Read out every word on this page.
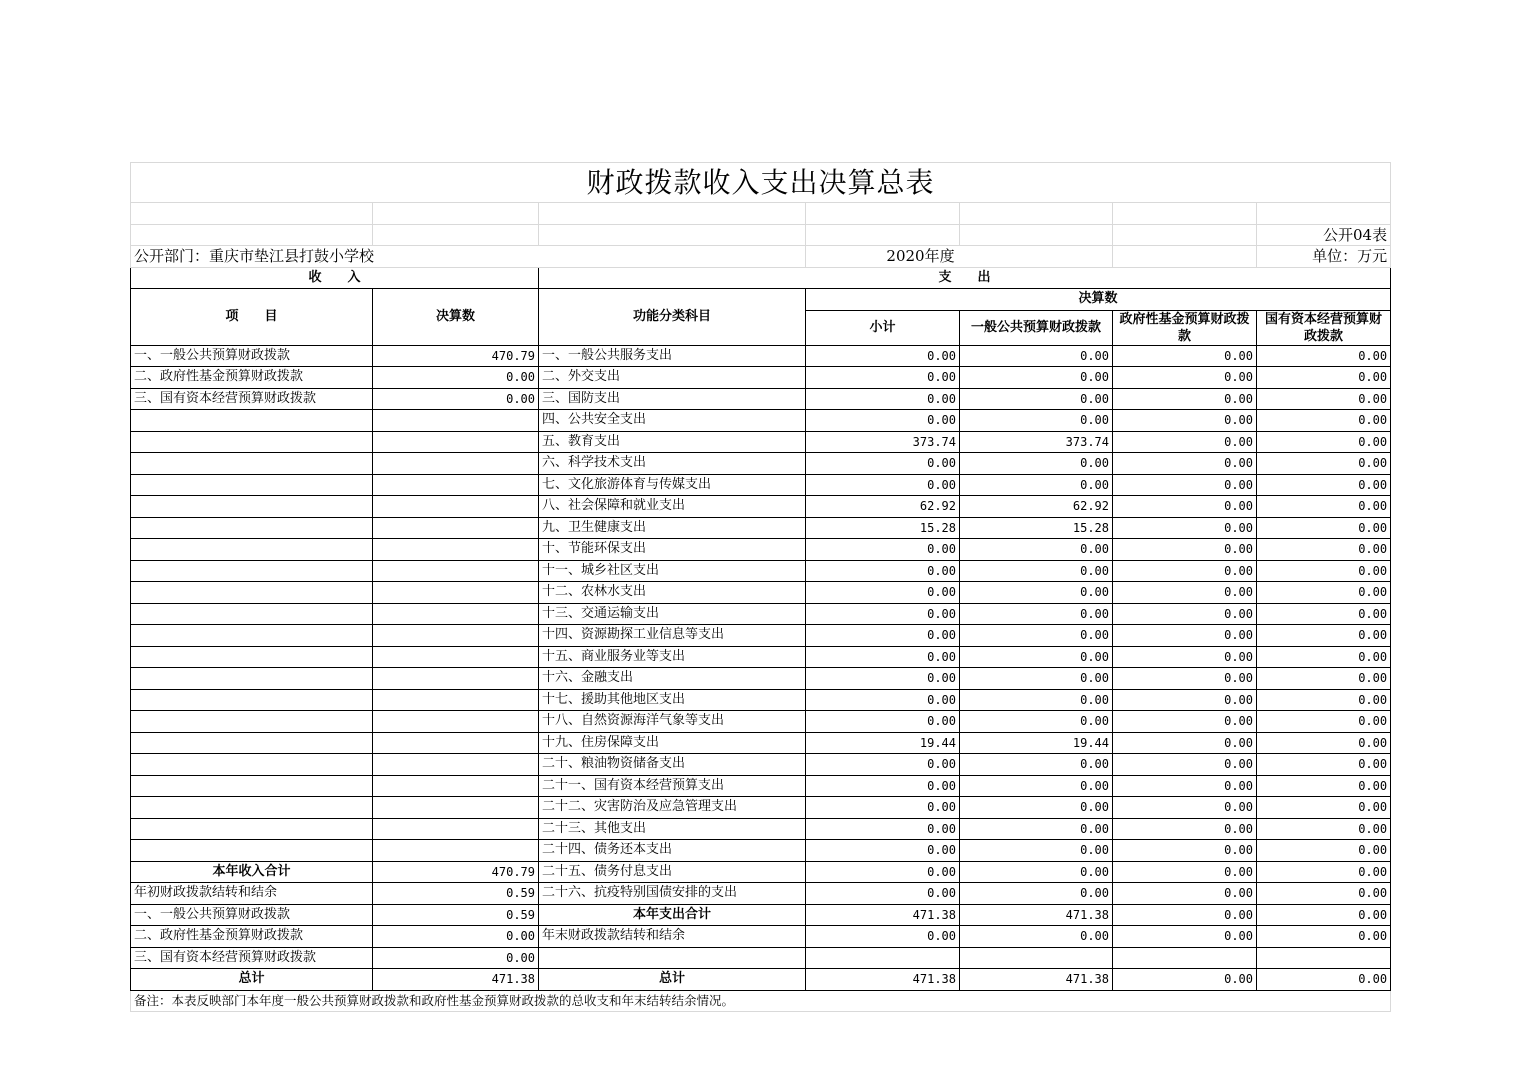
财政拨款收入支出决算总表						

						公开04表
公开部门：重庆市垫江县打鼓小学校			2020年度			单位：万元
收　　入		支　　出				
项　　目	决算数	功能分类科目	决算数			
			小计	一般公共预算财政拨款	政府性基金预算财政拨款	国有资本经营预算财政拨款

一、一般公共预算财政拨款	470.79	一、一般公共服务支出	0.00	0.00	0.00	0.00
二、政府性基金预算财政拨款	0.00	二、外交支出	0.00	0.00	0.00	0.00
三、国有资本经营预算财政拨款	0.00	三、国防支出	0.00	0.00	0.00	0.00
		四、公共安全支出	0.00	0.00	0.00	0.00
		五、教育支出	373.74	373.74	0.00	0.00
		六、科学技术支出	0.00	0.00	0.00	0.00
		七、文化旅游体育与传媒支出	0.00	0.00	0.00	0.00
		八、社会保障和就业支出	62.92	62.92	0.00	0.00
		九、卫生健康支出	15.28	15.28	0.00	0.00
		十、节能环保支出	0.00	0.00	0.00	0.00
		十一、城乡社区支出	0.00	0.00	0.00	0.00
		十二、农林水支出	0.00	0.00	0.00	0.00
		十三、交通运输支出	0.00	0.00	0.00	0.00
		十四、资源勘探工业信息等支出	0.00	0.00	0.00	0.00
		十五、商业服务业等支出	0.00	0.00	0.00	0.00
		十六、金融支出	0.00	0.00	0.00	0.00
		十七、援助其他地区支出	0.00	0.00	0.00	0.00
		十八、自然资源海洋气象等支出	0.00	0.00	0.00	0.00
		十九、住房保障支出	19.44	19.44	0.00	0.00
		二十、粮油物资储备支出	0.00	0.00	0.00	0.00
		二十一、国有资本经营预算支出	0.00	0.00	0.00	0.00
		二十二、灾害防治及应急管理支出	0.00	0.00	0.00	0.00
		二十三、其他支出	0.00	0.00	0.00	0.00
		二十四、债务还本支出	0.00	0.00	0.00	0.00
本年收入合计	470.79	二十五、债务付息支出	0.00	0.00	0.00	0.00
年初财政拨款结转和结余	0.59	二十六、抗疫特别国债安排的支出	0.00	0.00	0.00	0.00
一、一般公共预算财政拨款	0.59	本年支出合计	471.38	471.38	0.00	0.00
二、政府性基金预算财政拨款	0.00	年末财政拨款结转和结余	0.00	0.00	0.00	0.00
三、国有资本经营预算财政拨款	0.00					
总计	471.38	总计	471.38	471.38	0.00	0.00
备注：本表反映部门本年度一般公共预算财政拨款和政府性基金预算财政拨款的总收支和年末结转结余情况。						
